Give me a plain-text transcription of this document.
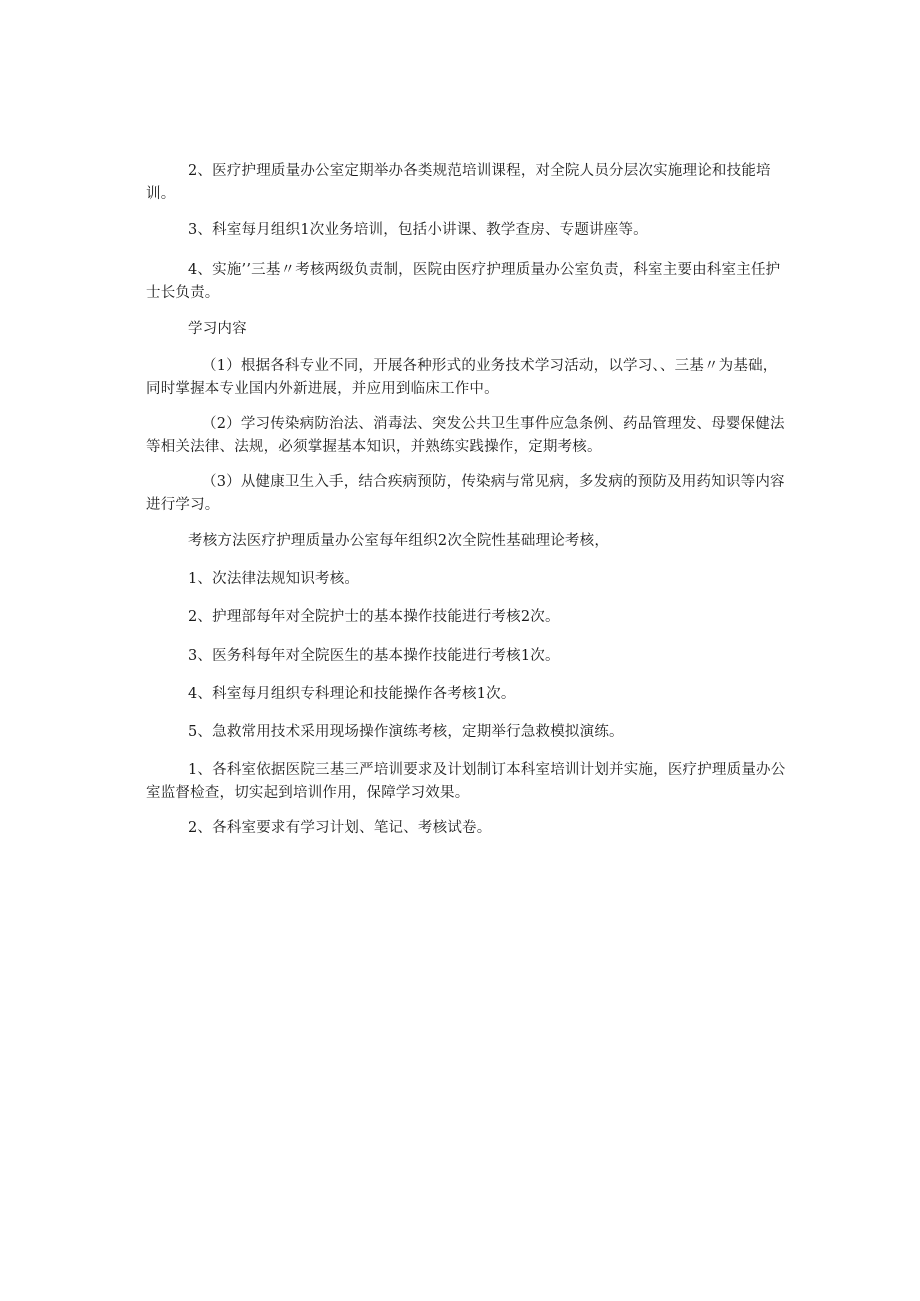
2、医疗护理质量办公室定期举办各类规范培训课程，对全院人员分层次实施理论和技能培训。

3、科室每月组织1次业务培训，包括小讲课、教学查房、专题讲座等。

4、实施’’三基〃考核两级负责制，医院由医疗护理质量办公室负责，科室主要由科室主任护士长负责。

学习内容

（1）根据各科专业不同，开展各种形式的业务技术学习活动，以学习、、三基〃为基础，同时掌握本专业国内外新进展，并应用到临床工作中。

（2）学习传染病防治法、消毒法、突发公共卫生事件应急条例、药品管理发、母婴保健法等相关法律、法规，必须掌握基本知识，并熟练实践操作，定期考核。

（3）从健康卫生入手，结合疾病预防，传染病与常见病，多发病的预防及用药知识等内容进行学习。

考核方法医疗护理质量办公室每年组织2次全院性基础理论考核，

1、次法律法规知识考核。

2、护理部每年对全院护士的基本操作技能进行考核2次。

3、医务科每年对全院医生的基本操作技能进行考核1次。

4、科室每月组织专科理论和技能操作各考核1次。

5、急救常用技术采用现场操作演练考核，定期举行急救模拟演练。

1、各科室依据医院三基三严培训要求及计划制订本科室培训计划并实施，医疗护理质量办公室监督检查，切实起到培训作用，保障学习效果。

2、各科室要求有学习计划、笔记、考核试卷。
